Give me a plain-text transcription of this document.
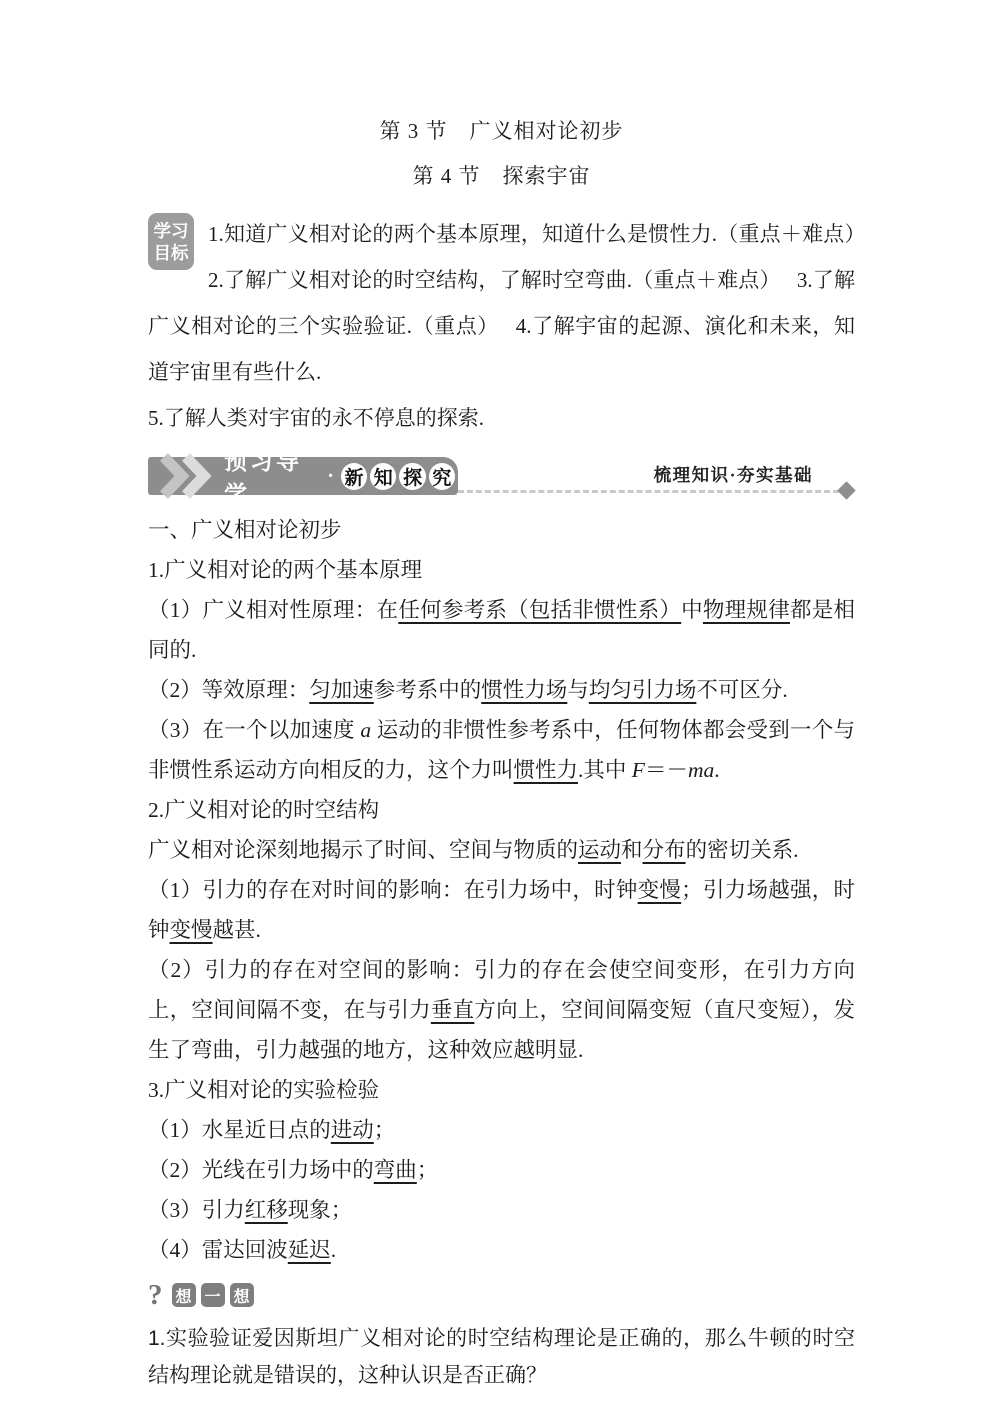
第 3 节　广义相对论初步
第 4 节　探索宇宙
学习
目标

1.知道广义相对论的两个基本原理，知道什么是惯性力.（重点＋难点）　 2.了解广义相对论的时空结构，了解时空弯曲.（重点＋难点）　 3.了解广义相对论的三个实验验证.（重点）　 4.了解宇宙的起源、演化和未来，知道宇宙里有些什么.

5.了解人类对宇宙的永不停息的探索.

预习导学
· 新 知 探 究	梳理知识·夯实基础

一、广义相对论初步

1.广义相对论的两个基本原理

（1）广义相对性原理：在任何参考系（包括非惯性系）中物理规律都是相同的.

（2）等效原理：匀加速参考系中的惯性力场与均匀引力场不可区分.

（3）在一个以加速度 a 运动的非惯性参考系中，任何物体都会受到一个与非惯性系运动方向相反的力，这个力叫惯性力.其中 F＝－ma.

2.广义相对论的时空结构

广义相对论深刻地揭示了时间、空间与物质的运动和分布的密切关系.

（1）引力的存在对时间的影响：在引力场中，时钟变慢；引力场越强，时钟变慢越甚.

（2）引力的存在对空间的影响：引力的存在会使空间变形，在引力方向上，空间间隔不变，在与引力垂直方向上，空间间隔变短（直尺变短），发生了弯曲，引力越强的地方，这种效应越明显.

3.广义相对论的实验检验

（1）水星近日点的进动；

（2）光线在引力场中的弯曲；

（3）引力红移现象；

（4）雷达回波延迟.

? 想 一 想

1.实验验证爱因斯坦广义相对论的时空结构理论是正确的，那么牛顿的时空结构理论就是错误的，这种认识是否正确？
